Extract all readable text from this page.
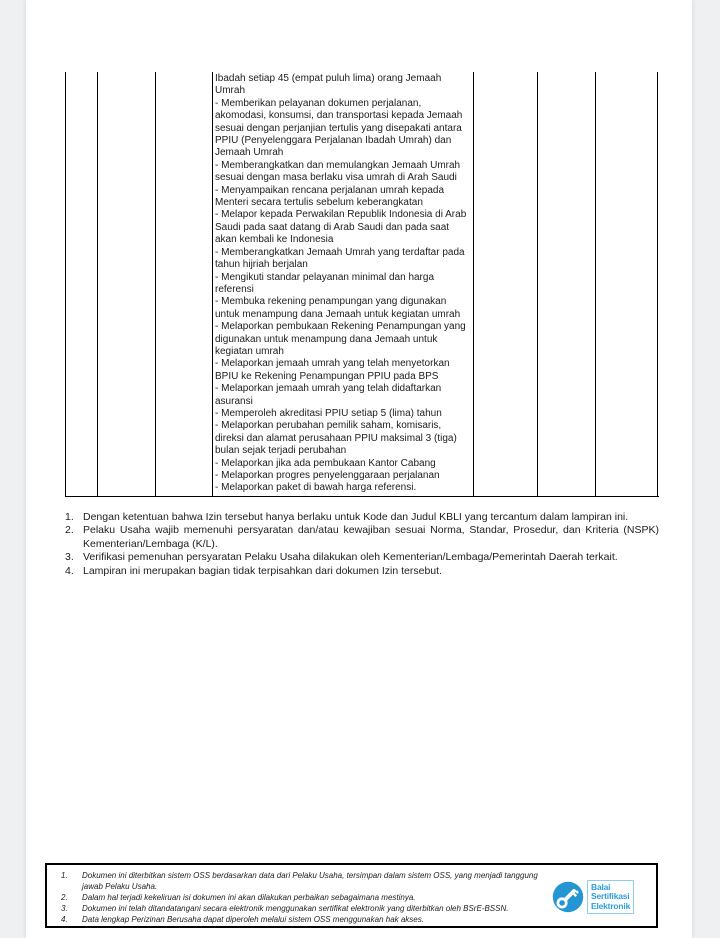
Ibadah setiap 45 (empat puluh lima) orang Jemaah Umrah
- Memberikan pelayanan dokumen perjalanan, akomodasi, konsumsi, dan transportasi kepada Jemaah sesuai dengan perjanjian tertulis yang disepakati antara PPIU (Penyelenggara Perjalanan Ibadah Umrah) dan Jemaah Umrah
- Memberangkatkan dan memulangkan Jemaah Umrah sesuai dengan masa berlaku visa umrah di Arah Saudi
- Menyampaikan rencana perjalanan umrah kepada Menteri secara tertulis sebelum keberangkatan
- Melapor kepada Perwakilan Republik Indonesia di Arab Saudi pada saat datang di Arab Saudi dan pada saat akan kembali ke Indonesia
- Memberangkatkan Jemaah Umrah yang terdaftar pada tahun hijriah berjalan
- Mengikuti standar pelayanan minimal dan harga referensi
- Membuka rekening penampungan yang digunakan untuk menampung dana Jemaah untuk kegiatan umrah
- Melaporkan pembukaan Rekening Penampungan yang digunakan untuk menampung dana Jemaah untuk kegiatan umrah
- Melaporkan jemaah umrah yang telah menyetorkan BPIU ke Rekening Penampungan PPIU pada BPS
- Melaporkan jemaah umrah yang telah didaftarkan asuransi
- Memperoleh akreditasi PPIU setiap 5 (lima) tahun
- Melaporkan perubahan pemilik saham, komisaris, direksi dan alamat perusahaan PPIU maksimal 3 (tiga) bulan sejak terjadi perubahan
- Melaporkan jika ada pembukaan Kantor Cabang
- Melaporkan progres penyelenggaraan perjalanan
- Melaporkan paket di bawah harga referensi.
1. Dengan ketentuan bahwa Izin tersebut hanya berlaku untuk Kode dan Judul KBLI yang tercantum dalam lampiran ini.
2. Pelaku Usaha wajib memenuhi persyaratan dan/atau kewajiban sesuai Norma, Standar, Prosedur, dan Kriteria (NSPK) Kementerian/Lembaga (K/L).
3. Verifikasi pemenuhan persyaratan Pelaku Usaha dilakukan oleh Kementerian/Lembaga/Pemerintah Daerah terkait.
4. Lampiran ini merupakan bagian tidak terpisahkan dari dokumen Izin tersebut.
1.	Dokumen ini diterbitkan sistem OSS berdasarkan data dari Pelaku Usaha, tersimpan dalam sistem OSS, yang menjadi tanggung jawab Pelaku Usaha.
2.	Dalam hal terjadi kekeliruan isi dokumen ini akan dilakukan perbaikan sebagaimana mestinya.
3.	Dokumen ini telah ditandatangani secara elektronik menggunakan sertifikat elektronik yang diterbitkan oleh BSrE-BSSN.
4.	Data lengkap Perizinan Berusaha dapat diperoleh melalui sistem OSS menggunakan hak akses.
Balai
Sertifikasi
Elektronik
